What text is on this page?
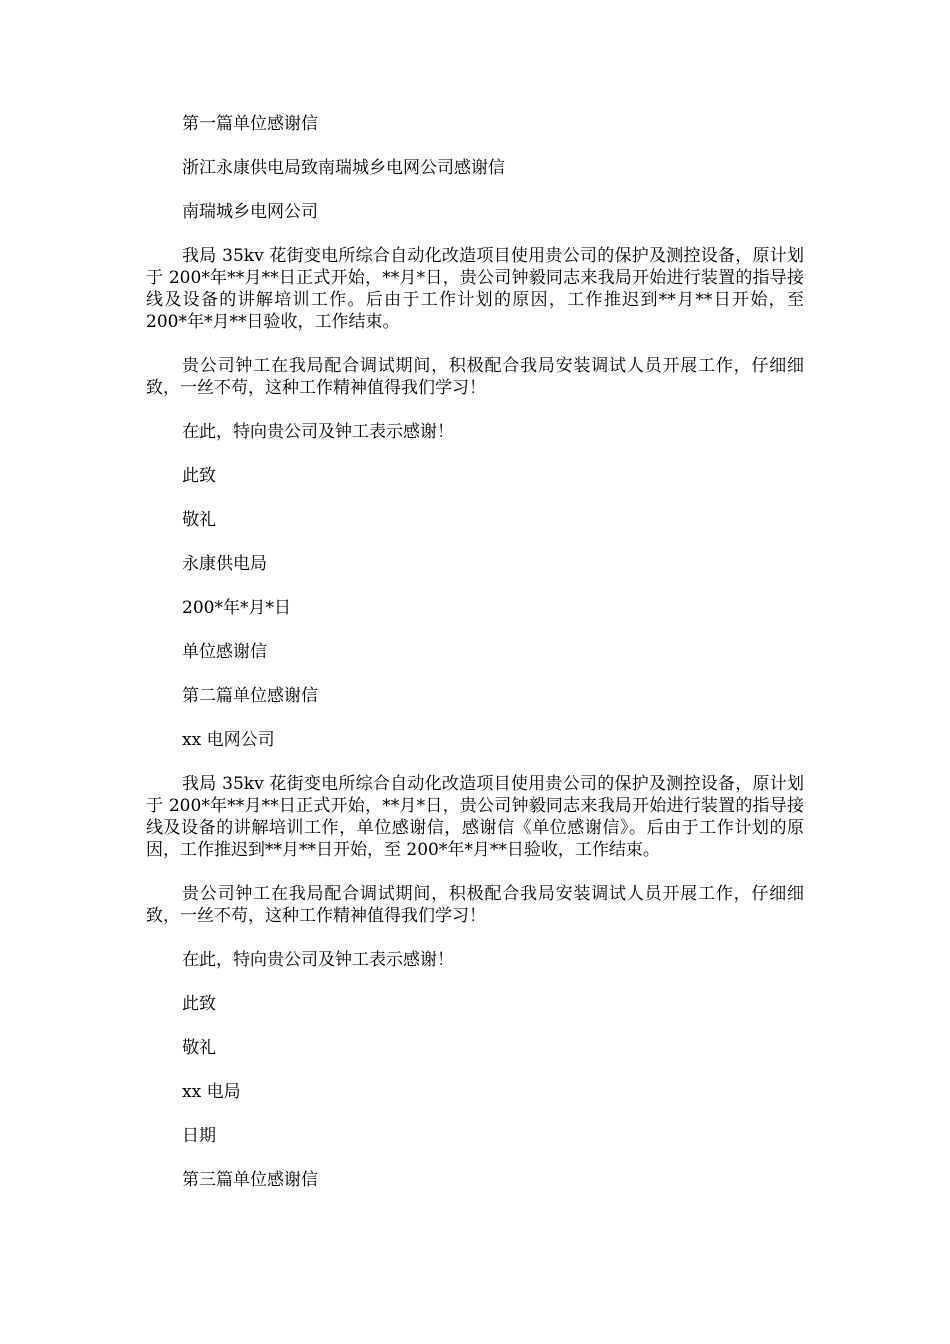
第一篇单位感谢信

浙江永康供电局致南瑞城乡电网公司感谢信

南瑞城乡电网公司

我局 35kv 花街变电所综合自动化改造项目使用贵公司的保护及测控设备，原计划于 200*年**月**日正式开始，**月*日，贵公司钟毅同志来我局开始进行装置的指导接线及设备的讲解培训工作。后由于工作计划的原因，工作推迟到**月**日开始，至 200*年*月**日验收，工作结束。

贵公司钟工在我局配合调试期间，积极配合我局安装调试人员开展工作，仔细细致，一丝不苟，这种工作精神值得我们学习！

在此，特向贵公司及钟工表示感谢！

此致

敬礼

永康供电局

200*年*月*日

单位感谢信

第二篇单位感谢信

xx 电网公司

我局 35kv 花街变电所综合自动化改造项目使用贵公司的保护及测控设备，原计划于 200*年**月**日正式开始，**月*日，贵公司钟毅同志来我局开始进行装置的指导接线及设备的讲解培训工作，单位感谢信，感谢信《单位感谢信》。后由于工作计划的原因，工作推迟到**月**日开始，至 200*年*月**日验收，工作结束。

贵公司钟工在我局配合调试期间，积极配合我局安装调试人员开展工作，仔细细致，一丝不苟，这种工作精神值得我们学习！

在此，特向贵公司及钟工表示感谢！

此致

敬礼

xx 电局

日期

第三篇单位感谢信
